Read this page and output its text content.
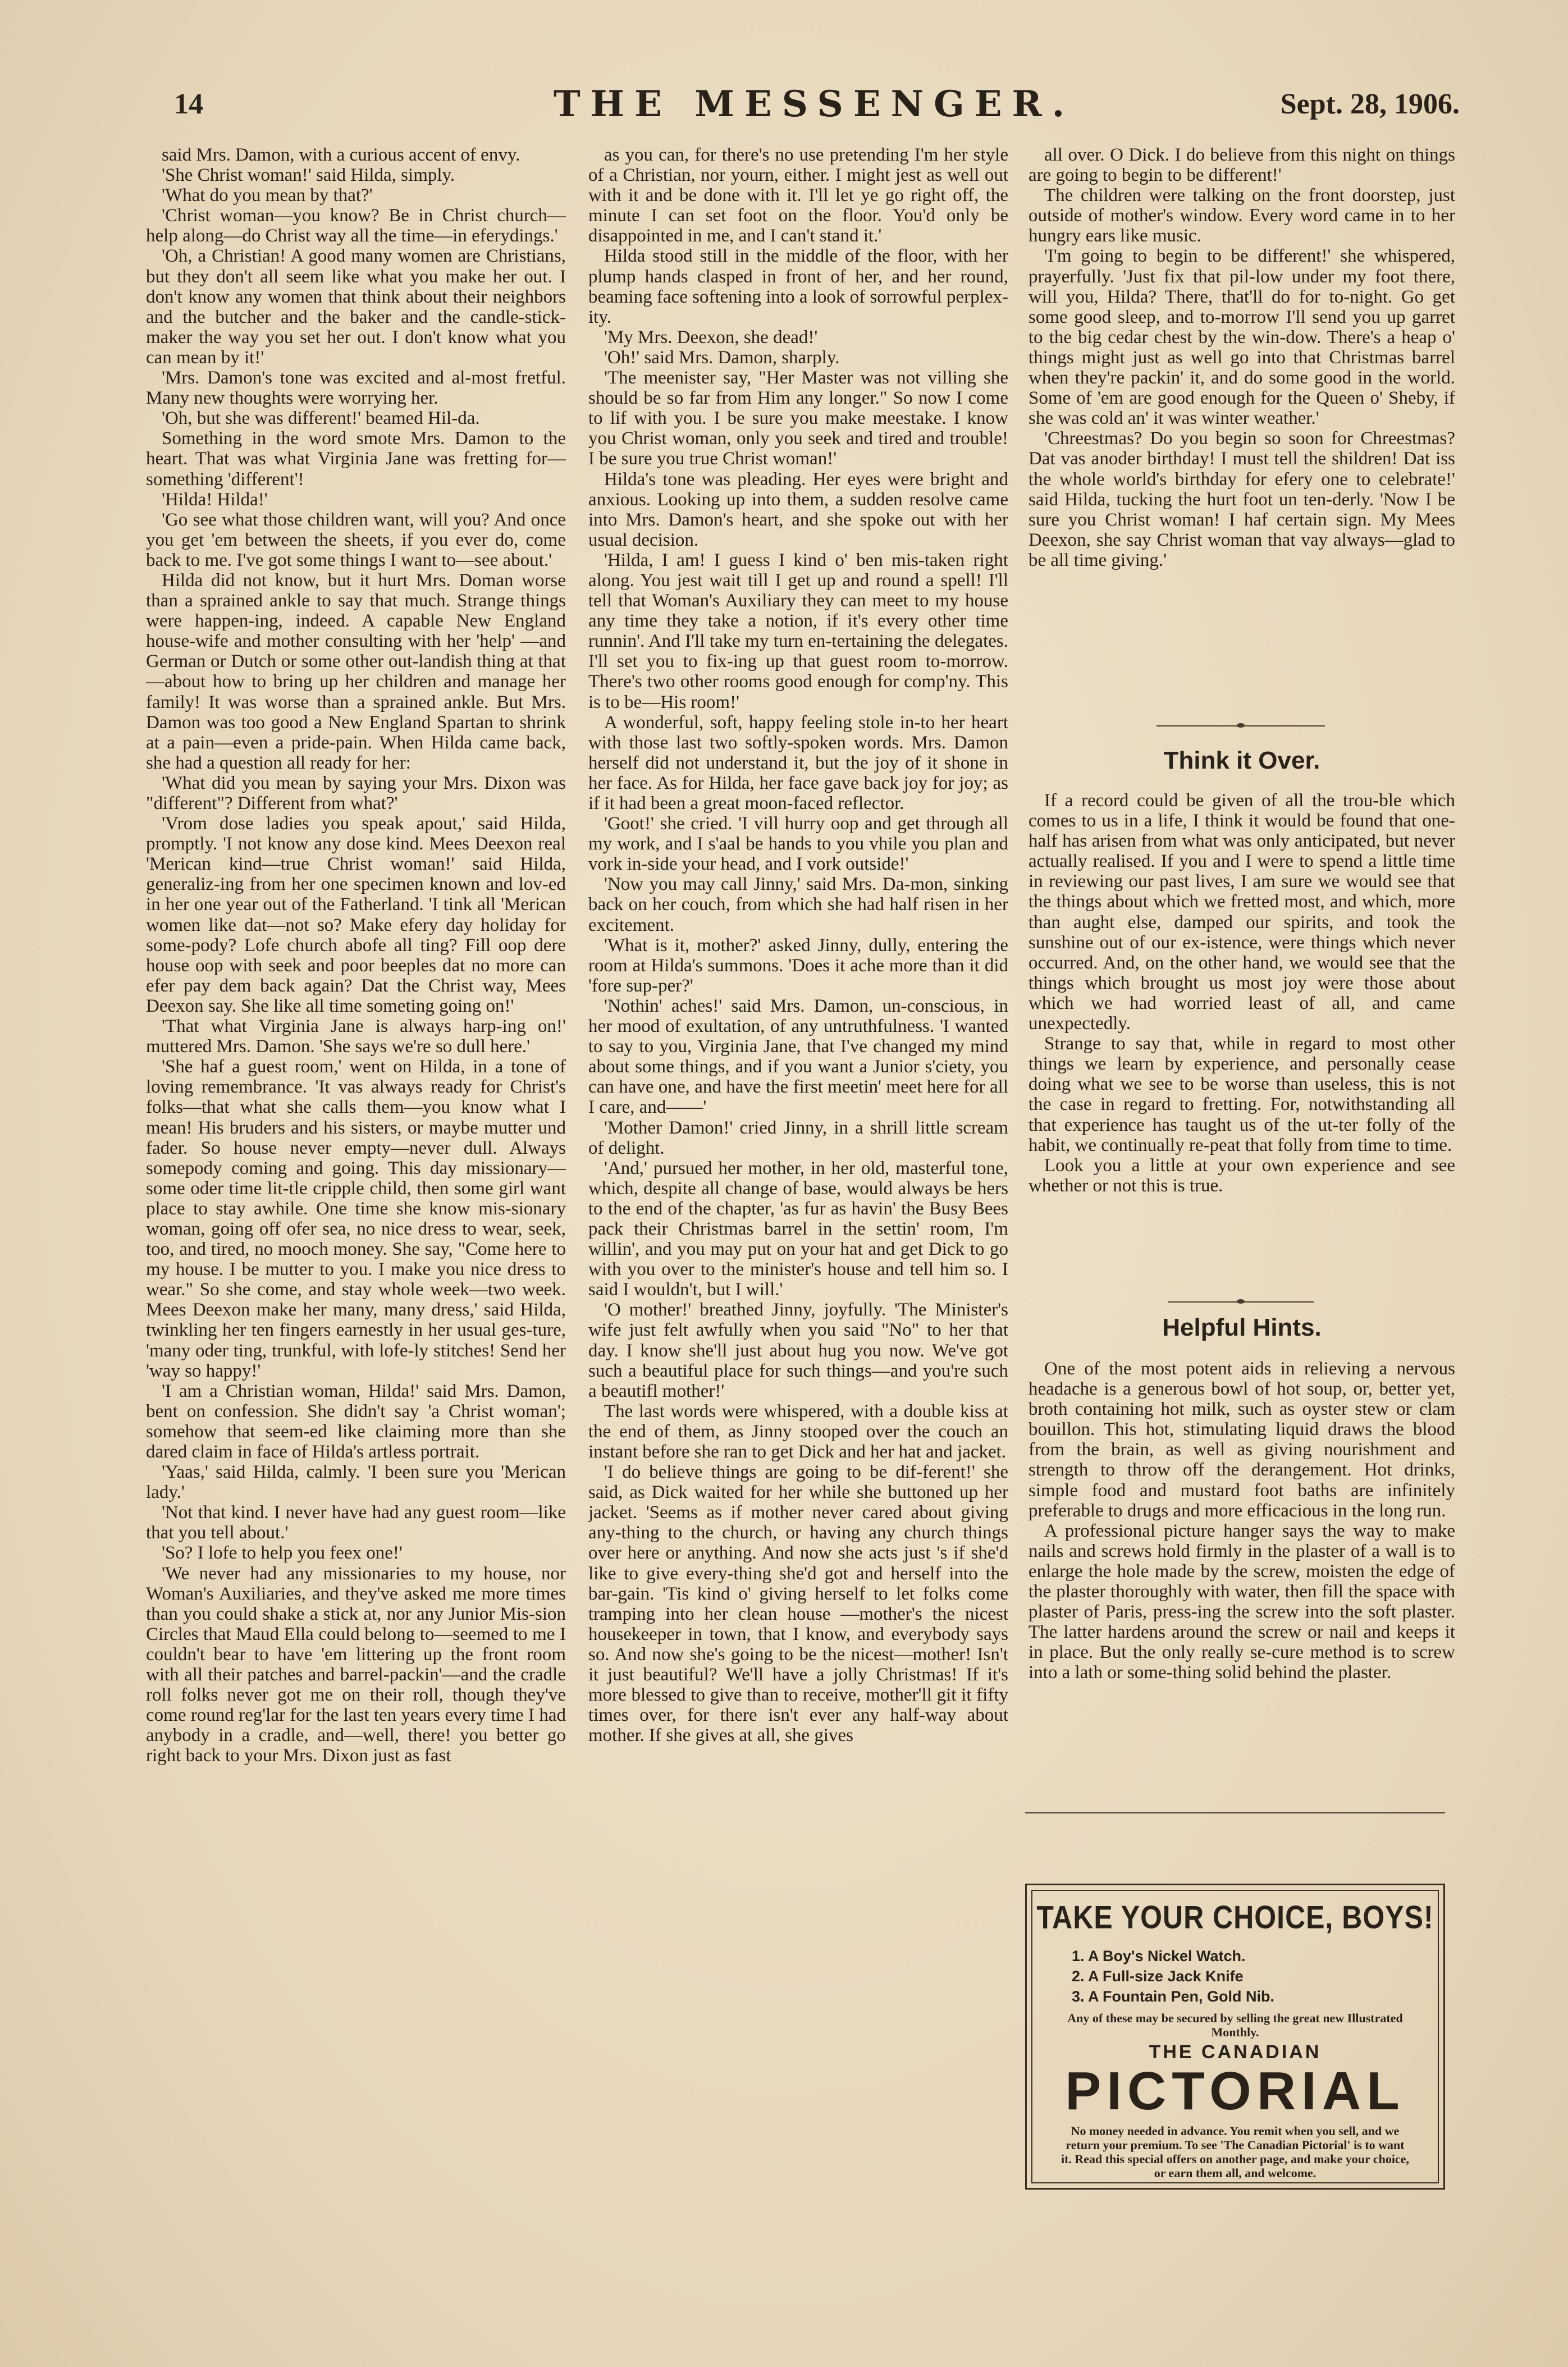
14	THE MESSENGER.	Sept. 28, 1906.

said Mrs. Damon, with a curious accent of envy.

'She Christ woman!' said Hilda, simply.

'What do you mean by that?'

'Christ woman—you know? Be in Christ church—help along—do Christ way all the time—in eferydings.'

'Oh, a Christian! A good many women are Christians, but they don't all seem like what you make her out. I don't know any women that think about their neighbors and the butcher and the baker and the candle-stick-maker the way you set her out. I don't know what you can mean by it!'

'Mrs. Damon's tone was excited and al-most fretful. Many new thoughts were worrying her.

'Oh, but she was different!' beamed Hil-da.

Something in the word smote Mrs. Damon to the heart. That was what Virginia Jane was fretting for—something 'different'!

'Hilda! Hilda!'

'Go see what those children want, will you? And once you get 'em between the sheets, if you ever do, come back to me. I've got some things I want to—see about.'

Hilda did not know, but it hurt Mrs. Doman worse than a sprained ankle to say that much. Strange things were happen-ing, indeed. A capable New England house-wife and mother consulting with her 'help' —and German or Dutch or some other out-landish thing at that—about how to bring up her children and manage her family! It was worse than a sprained ankle. But Mrs. Damon was too good a New England Spartan to shrink at a pain—even a pride-pain. When Hilda came back, she had a question all ready for her:

'What did you mean by saying your Mrs. Dixon was "different"? Different from what?'

'Vrom dose ladies you speak apout,' said Hilda, promptly. 'I not know any dose kind. Mees Deexon real 'Merican kind—true Christ woman!' said Hilda, generaliz-ing from her one specimen known and lov-ed in her one year out of the Fatherland. 'I tink all 'Merican women like dat—not so? Make efery day holiday for some-pody? Lofe church abofe all ting? Fill oop dere house oop with seek and poor beeples dat no more can efer pay dem back again? Dat the Christ way, Mees Deexon say. She like all time someting going on!'

'That what Virginia Jane is always harp-ing on!' muttered Mrs. Damon. 'She says we're so dull here.'

'She haf a guest room,' went on Hilda, in a tone of loving remembrance. 'It vas always ready for Christ's folks—that what she calls them—you know what I mean! His bruders and his sisters, or maybe mutter und fader. So house never empty—never dull. Always somepody coming and going. This day missionary—some oder time lit-tle cripple child, then some girl want place to stay awhile. One time she know mis-sionary woman, going off ofer sea, no nice dress to wear, seek, too, and tired, no mooch money. She say, "Come here to my house. I be mutter to you. I make you nice dress to wear." So she come, and stay whole week—two week. Mees Deexon make her many, many dress,' said Hilda, twinkling her ten fingers earnestly in her usual ges-ture, 'many oder ting, trunkful, with lofe-ly stitches! Send her 'way so happy!'

'I am a Christian woman, Hilda!' said Mrs. Damon, bent on confession. She didn't say 'a Christ woman'; somehow that seem-ed like claiming more than she dared claim in face of Hilda's artless portrait.

'Yaas,' said Hilda, calmly. 'I been sure you 'Merican lady.'

'Not that kind. I never have had any guest room—like that you tell about.'

'So? I lofe to help you feex one!'

'We never had any missionaries to my house, nor Woman's Auxiliaries, and they've asked me more times than you could shake a stick at, nor any Junior Mis-sion Circles that Maud Ella could belong to—seemed to me I couldn't bear to have 'em littering up the front room with all their patches and barrel-packin'—and the cradle roll folks never got me on their roll, though they've come round reg'lar for the last ten years every time I had anybody in a cradle, and—well, there! you better go right back to your Mrs. Dixon just as fast

as you can, for there's no use pretending I'm her style of a Christian, nor yourn, either. I might jest as well out with it and be done with it. I'll let ye go right off, the minute I can set foot on the floor. You'd only be disappointed in me, and I can't stand it.'

Hilda stood still in the middle of the floor, with her plump hands clasped in front of her, and her round, beaming face softening into a look of sorrowful perplex-ity.

'My Mrs. Deexon, she dead!'

'Oh!' said Mrs. Damon, sharply.

'The meenister say, "Her Master was not villing she should be so far from Him any longer." So now I come to lif with you. I be sure you make meestake. I know you Christ woman, only you seek and tired and trouble! I be sure you true Christ woman!'

Hilda's tone was pleading. Her eyes were bright and anxious. Looking up into them, a sudden resolve came into Mrs. Damon's heart, and she spoke out with her usual decision.

'Hilda, I am! I guess I kind o' ben mis-taken right along. You jest wait till I get up and round a spell! I'll tell that Woman's Auxiliary they can meet to my house any time they take a notion, if it's every other time runnin'. And I'll take my turn en-tertaining the delegates. I'll set you to fix-ing up that guest room to-morrow. There's two other rooms good enough for comp'ny. This is to be—His room!'

A wonderful, soft, happy feeling stole in-to her heart with those last two softly-spoken words. Mrs. Damon herself did not understand it, but the joy of it shone in her face. As for Hilda, her face gave back joy for joy; as if it had been a great moon-faced reflector.

'Goot!' she cried. 'I vill hurry oop and get through all my work, and I s'aal be hands to you vhile you plan and vork in-side your head, and I vork outside!'

'Now you may call Jinny,' said Mrs. Da-mon, sinking back on her couch, from which she had half risen in her excitement.

'What is it, mother?' asked Jinny, dully, entering the room at Hilda's summons. 'Does it ache more than it did 'fore sup-per?'

'Nothin' aches!' said Mrs. Damon, un-conscious, in her mood of exultation, of any untruthfulness. 'I wanted to say to you, Virginia Jane, that I've changed my mind about some things, and if you want a Junior s'ciety, you can have one, and have the first meetin' meet here for all I care, and——'

'Mother Damon!' cried Jinny, in a shrill little scream of delight.

'And,' pursued her mother, in her old, masterful tone, which, despite all change of base, would always be hers to the end of the chapter, 'as fur as havin' the Busy Bees pack their Christmas barrel in the settin' room, I'm willin', and you may put on your hat and get Dick to go with you over to the minister's house and tell him so. I said I wouldn't, but I will.'

'O mother!' breathed Jinny, joyfully. 'The Minister's wife just felt awfully when you said "No" to her that day. I know she'll just about hug you now. We've got such a beautiful place for such things—and you're such a beautifl mother!'

The last words were whispered, with a double kiss at the end of them, as Jinny stooped over the couch an instant before she ran to get Dick and her hat and jacket.

'I do believe things are going to be dif-ferent!' she said, as Dick waited for her while she buttoned up her jacket. 'Seems as if mother never cared about giving any-thing to the church, or having any church things over here or anything. And now she acts just 's if she'd like to give every-thing she'd got and herself into the bar-gain. 'Tis kind o' giving herself to let folks come tramping into her clean house —mother's the nicest housekeeper in town, that I know, and everybody says so. And now she's going to be the nicest—mother! Isn't it just beautiful? We'll have a jolly Christmas! If it's more blessed to give than to receive, mother'll git it fifty times over, for there isn't ever any half-way about mother. If she gives at all, she gives

all over. O Dick. I do believe from this night on things are going to begin to be different!'

The children were talking on the front doorstep, just outside of mother's window. Every word came in to her hungry ears like music.

'I'm going to begin to be different!' she whispered, prayerfully. 'Just fix that pil-low under my foot there, will you, Hilda? There, that'll do for to-night. Go get some good sleep, and to-morrow I'll send you up garret to the big cedar chest by the win-dow. There's a heap o' things might just as well go into that Christmas barrel when they're packin' it, and do some good in the world. Some of 'em are good enough for the Queen o' Sheby, if she was cold an' it was winter weather.'

'Chreestmas? Do you begin so soon for Chreestmas? Dat vas anoder birthday! I must tell the shildren! Dat iss the whole world's birthday for efery one to celebrate!' said Hilda, tucking the hurt foot un ten-derly. 'Now I be sure you Christ woman! I haf certain sign. My Mees Deexon, she say Christ woman that vay always—glad to be all time giving.'

Think it Over.

If a record could be given of all the trou-ble which comes to us in a life, I think it would be found that one-half has arisen from what was only anticipated, but never actually realised. If you and I were to spend a little time in reviewing our past lives, I am sure we would see that the things about which we fretted most, and which, more than aught else, damped our spirits, and took the sunshine out of our ex-istence, were things which never occurred. And, on the other hand, we would see that the things which brought us most joy were those about which we had worried least of all, and came unexpectedly.

Strange to say that, while in regard to most other things we learn by experience, and personally cease doing what we see to be worse than useless, this is not the case in regard to fretting. For, notwithstanding all that experience has taught us of the ut-ter folly of the habit, we continually re-peat that folly from time to time.

Look you a little at your own experience and see whether or not this is true.

Helpful Hints.

One of the most potent aids in relieving a nervous headache is a generous bowl of hot soup, or, better yet, broth containing hot milk, such as oyster stew or clam bouillon. This hot, stimulating liquid draws the blood from the brain, as well as giving nourishment and strength to throw off the derangement. Hot drinks, simple food and mustard foot baths are infinitely preferable to drugs and more efficacious in the long run.

A professional picture hanger says the way to make nails and screws hold firmly in the plaster of a wall is to enlarge the hole made by the screw, moisten the edge of the plaster thoroughly with water, then fill the space with plaster of Paris, press-ing the screw into the soft plaster. The latter hardens around the screw or nail and keeps it in place. But the only really se-cure method is to screw into a lath or some-thing solid behind the plaster.

TAKE YOUR CHOICE, BOYS!
1. A Boy's Nickel Watch.
2. A Full-size Jack Knife
3. A Fountain Pen, Gold Nib.
Any of these may be secured by selling the great new Illustrated Monthly.
THE CANADIAN
PICTORIAL
No money needed in advance. You remit when you sell, and we return your premium. To see 'The Canadian Pictorial' is to want it. Read this special offers on another page, and make your choice, or earn them all, and welcome.
